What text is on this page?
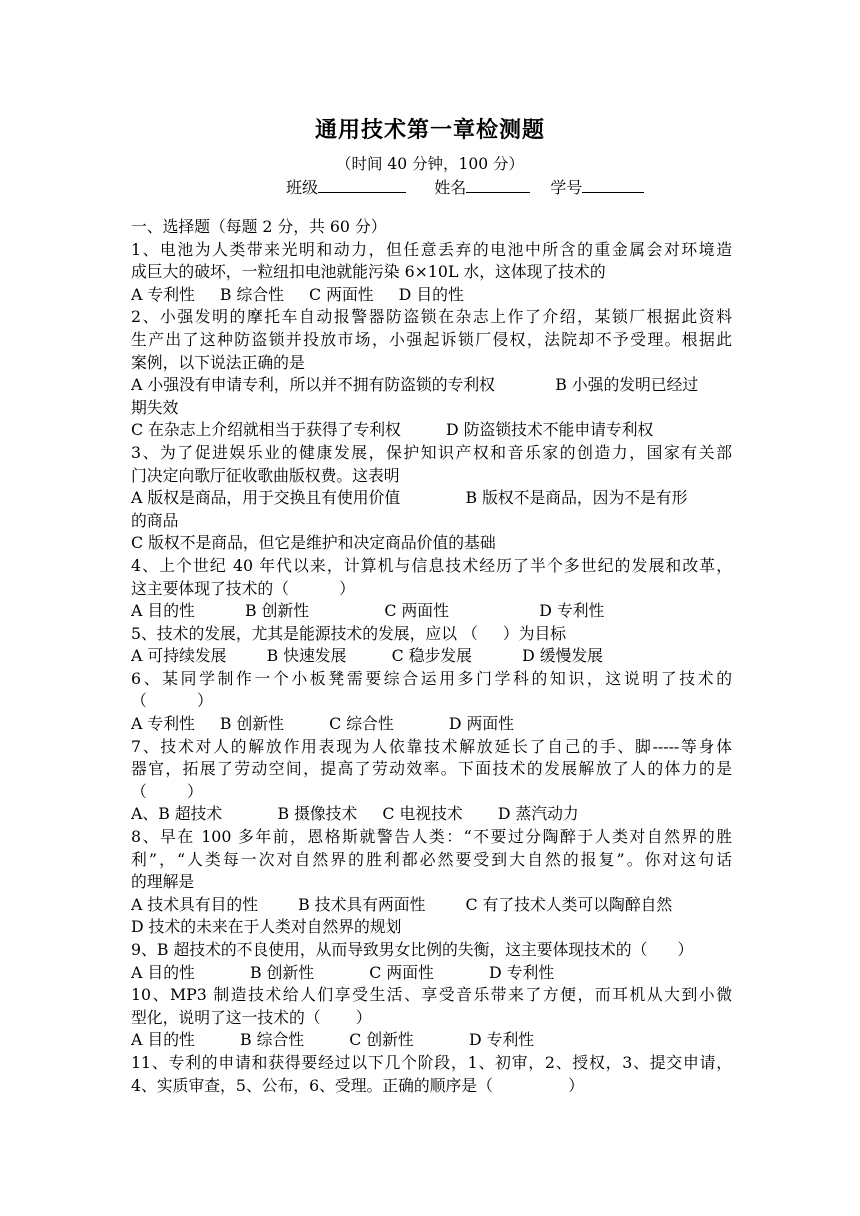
通用技术第一章检测题
（时间 40 分钟，100 分）
班级	姓名	学号
一、选择题（每题 2 分，共 60 分）
1、电池为人类带来光明和动力，但任意丢弃的电池中所含的重金属会对环境造
成巨大的破坏，一粒纽扣电池就能污染 6×10L 水，这体现了技术的
A 专利性     B 综合性     C 两面性     D 目的性
2、小强发明的摩托车自动报警器防盗锁在杂志上作了介绍，某锁厂根据此资料
生产出了这种防盗锁并投放市场，小强起诉锁厂侵权，法院却不予受理。根据此
案例，以下说法正确的是
A 小强没有申请专利，所以并不拥有防盗锁的专利权            B 小强的发明已经过
期失效
C 在杂志上介绍就相当于获得了专利权         D 防盗锁技术不能申请专利权
3、为了促进娱乐业的健康发展，保护知识产权和音乐家的创造力，国家有关部
门决定向歌厅征收歌曲版权费。这表明
A 版权是商品，用于交换且有使用价值             B 版权不是商品，因为不是有形
的商品
C 版权不是商品，但它是维护和决定商品价值的基础
4、上个世纪 40 年代以来，计算机与信息技术经历了半个多世纪的发展和改革，
这主要体现了技术的（          ）
A 目的性          B 创新性               C 两面性                  D 专利性
5、技术的发展，尤其是能源技术的发展，应以 （     ）为目标
A 可持续发展        B 快速发展         C 稳步发展          D 缓慢发展
6、某同学制作一个小板凳需要综合运用多门学科的知识，这说明了技术的
（          ）
A 专利性     B 创新性         C 综合性           D 两面性
7、技术对人的解放作用表现为人依靠技术解放延长了自己的手、脚-----等身体
器官，拓展了劳动空间，提高了劳动效率。下面技术的发展解放了人的体力的是
（        ）
A、B 超技术           B 摄像技术     C 电视技术       D 蒸汽动力
8、早在 100 多年前，恩格斯就警告人类：“不要过分陶醉于人类对自然界的胜
利”，“人类每一次对自然界的胜利都必然要受到大自然的报复”。你对这句话
的理解是
A 技术具有目的性        B 技术具有两面性        C 有了技术人类可以陶醉自然
D 技术的未来在于人类对自然界的规划
9、B 超技术的不良使用，从而导致男女比例的失衡，这主要体现技术的（      ）
A 目的性           B 创新性           C 两面性           D 专利性
10、MP3 制造技术给人们享受生活、享受音乐带来了方便，而耳机从大到小微
型化，说明了这一技术的（       ）
A 目的性         B 综合性         C 创新性           D 专利性
11、专利的申请和获得要经过以下几个阶段，1、初审，2、授权，3、提交申请，
4、实质审查，5、公布，6、受理。正确的顺序是（               ）
